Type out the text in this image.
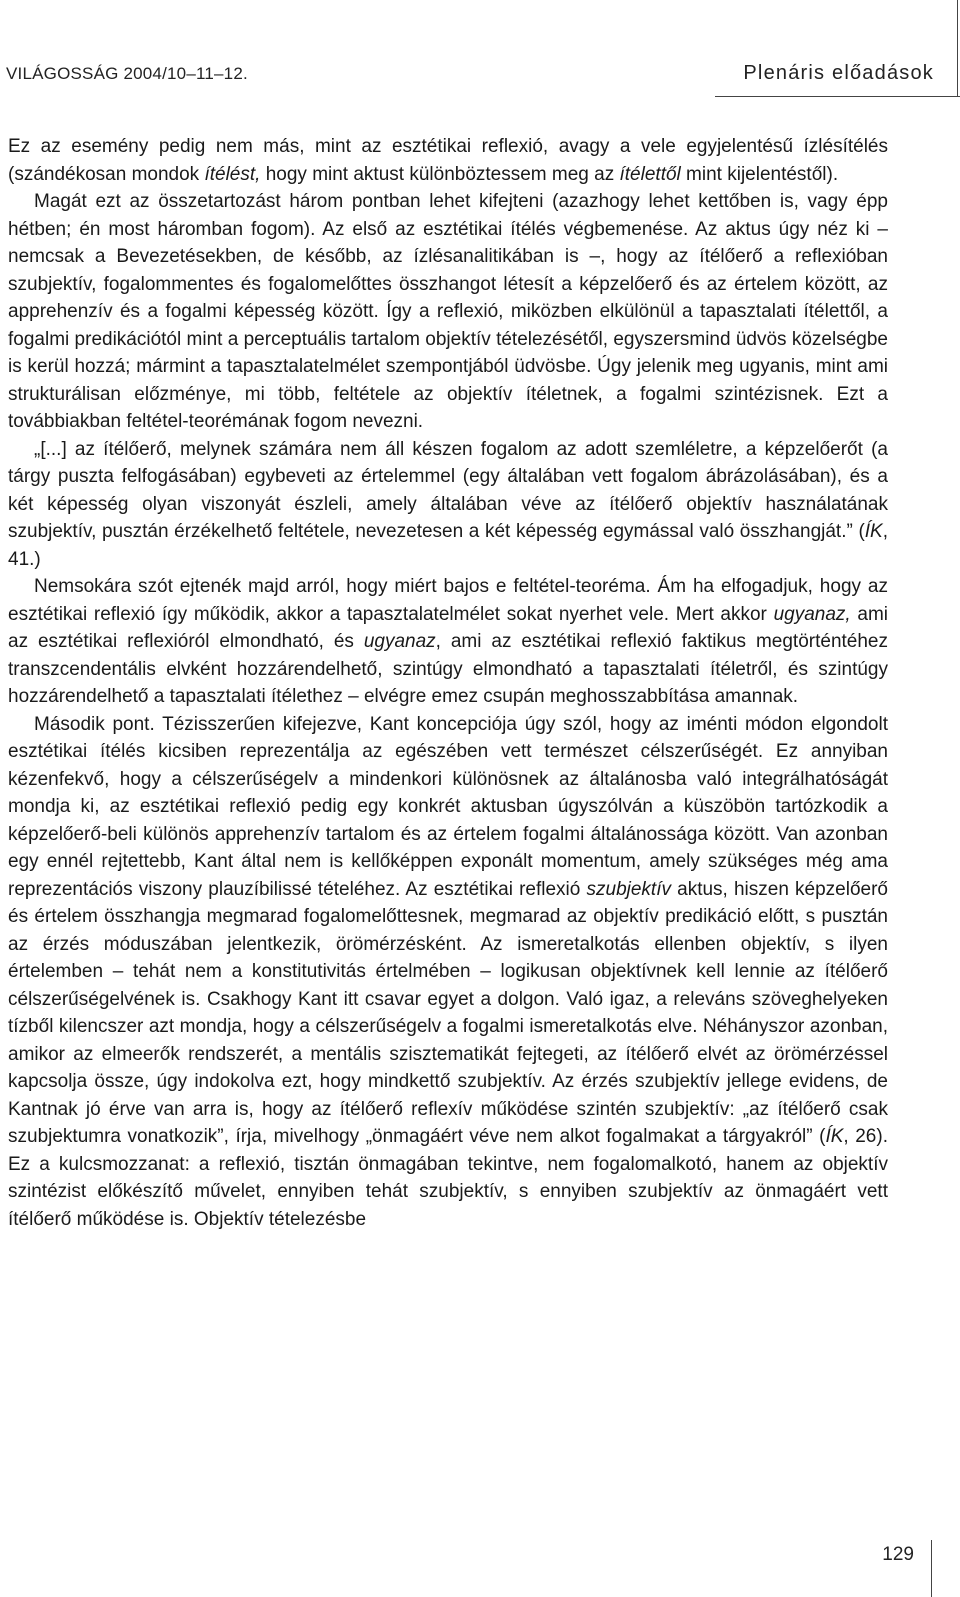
VILÁGOSSÁG 2004/10–11–12.	Plenáris előadások

Ez az esemény pedig nem más, mint az esztétikai reflexió, avagy a vele egyjelentésű ízlésítélés (szándékosan mondok ítélést, hogy mint aktust különböztessem meg az ítélettől mint kijelentéstől).

Magát ezt az összetartozást három pontban lehet kifejteni (azazhogy lehet kettőben is, vagy épp hétben; én most háromban fogom). Az első az esztétikai ítélés végbemenése. Az aktus úgy néz ki – nemcsak a Bevezetésekben, de később, az ízlésanalitikában is –, hogy az ítélőerő a reflexióban szubjektív, fogalommentes és fogalomelőttes összhangot létesít a képzelőerő és az értelem között, az apprehenzív és a fogalmi képesség között. Így a reflexió, miközben elkülönül a tapasztalati ítélettől, a fogalmi predikációtól mint a perceptuális tartalom objektív tételezésétől, egyszersmind üdvös közelségbe is kerül hozzá; mármint a tapasztalatelmélet szempontjából üdvösbe. Úgy jelenik meg ugyanis, mint ami strukturálisan előzménye, mi több, feltétele az objektív ítéletnek, a fogalmi szintézisnek. Ezt a továbbiakban feltétel-teorémának fogom nevezni.

„[...] az ítélőerő, melynek számára nem áll készen fogalom az adott szemléletre, a képzelőerőt (a tárgy puszta felfogásában) egybeveti az értelemmel (egy általában vett fogalom ábrázolásában), és a két képesség olyan viszonyát észleli, amely általában véve az ítélőerő objektív használatának szubjektív, pusztán érzékelhető feltétele, nevezetesen a két képesség egymással való összhangját.” (ÍK, 41.)

Nemsokára szót ejtenék majd arról, hogy miért bajos e feltétel-teoréma. Ám ha elfogadjuk, hogy az esztétikai reflexió így működik, akkor a tapasztalatelmélet sokat nyerhet vele. Mert akkor ugyanaz, ami az esztétikai reflexióról elmondható, és ugyanaz, ami az esztétikai reflexió faktikus megtörténtéhez transzcendentális elvként hozzárendelhető, szintúgy elmondható a tapasztalati ítéletről, és szintúgy hozzárendelhető a tapasztalati ítélethez – elvégre emez csupán meghosszabbítása amannak.

Második pont. Tézisszerűen kifejezve, Kant koncepciója úgy szól, hogy az iménti módon elgondolt esztétikai ítélés kicsiben reprezentálja az egészében vett természet célszerűségét. Ez annyiban kézenfekvő, hogy a célszerűségelv a mindenkori különösnek az általánosba való integrálhatóságát mondja ki, az esztétikai reflexió pedig egy konkrét aktusban úgyszólván a küszöbön tartózkodik a képzelőerő-beli különös apprehenzív tartalom és az értelem fogalmi általánossága között. Van azonban egy ennél rejtettebb, Kant által nem is kellőképpen exponált momentum, amely szükséges még ama reprezentációs viszony plauzíbilissé tételéhez. Az esztétikai reflexió szubjektív aktus, hiszen képzelőerő és értelem összhangja megmarad fogalomelőttesnek, megmarad az objektív predikáció előtt, s pusztán az érzés móduszában jelentkezik, örömérzésként. Az ismeretalkotás ellenben objektív, s ilyen értelemben – tehát nem a konstitutivitás értelmében – logikusan objektívnek kell lennie az ítélőerő célszerűségelvének is. Csakhogy Kant itt csavar egyet a dolgon. Való igaz, a releváns szöveghelyeken tízből kilencszer azt mondja, hogy a célszerűségelv a fogalmi ismeretalkotás elve. Néhányszor azonban, amikor az elmeerők rendszerét, a mentális szisztematikát fejtegeti, az ítélőerő elvét az örömérzéssel kapcsolja össze, úgy indokolva ezt, hogy mindkettő szubjektív. Az érzés szubjektív jellege evidens, de Kantnak jó érve van arra is, hogy az ítélőerő reflexív működése szintén szubjektív: „az ítélőerő csak szubjektumra vonatkozik”, írja, mivelhogy „önmagáért véve nem alkot fogalmakat a tárgyakról” (ÍK, 26). Ez a kulcsmozzanat: a reflexió, tisztán önmagában tekintve, nem fogalomalkotó, hanem az objektív szintézist előkészítő művelet, ennyiben tehát szubjektív, s ennyiben szubjektív az önmagáért vett ítélőerő működése is. Objektív tételezésbe

129
